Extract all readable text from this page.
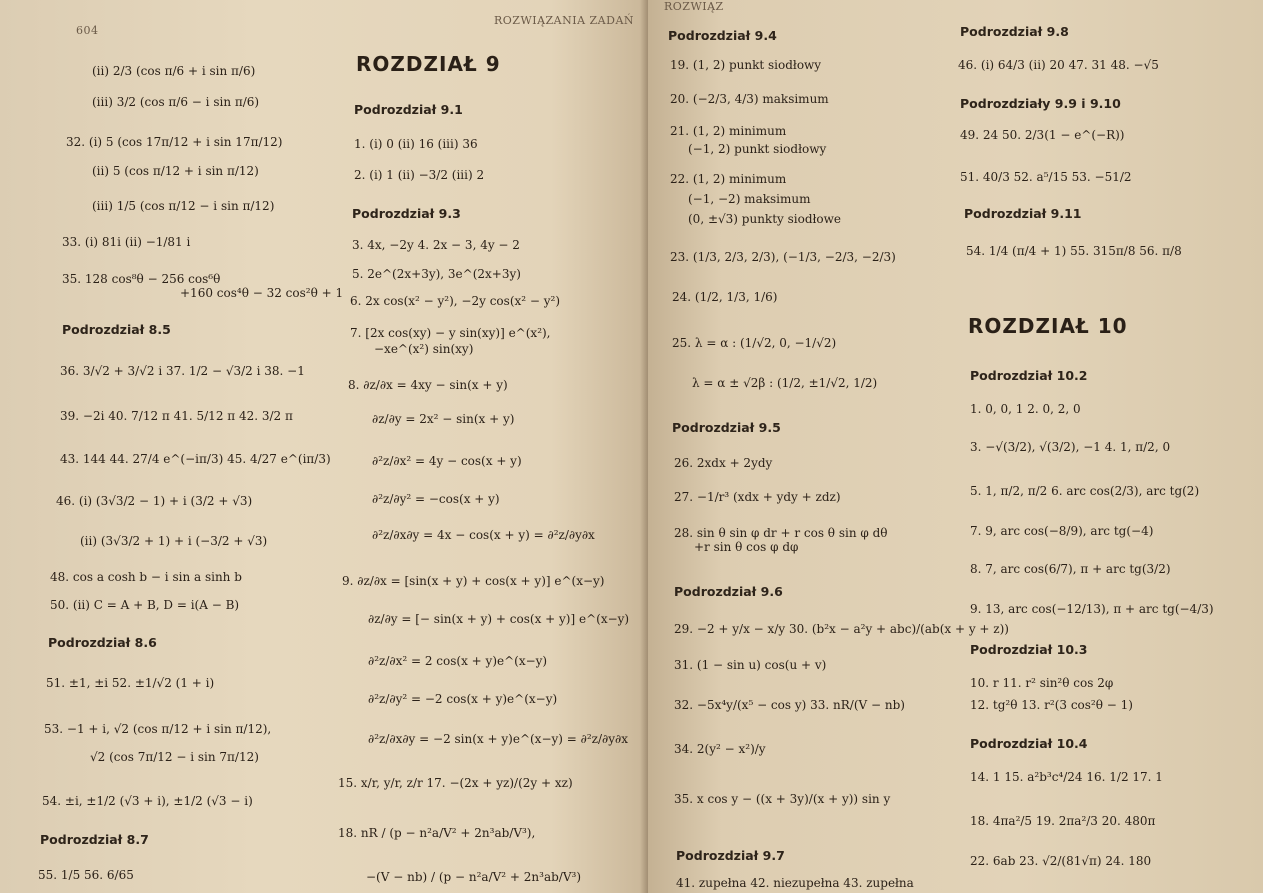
604
ROZWIĄZANIA ZADAŃ
(ii) 2/3 (cos π/6 + i sin π/6)
(iii) 3/2 (cos π/6 − i sin π/6)
32. (i) 5 (cos 17π/12 + i sin 17π/12)
(ii) 5 (cos π/12 + i sin π/12)
(iii) 1/5 (cos π/12 − i sin π/12)
33. (i) 81i (ii) −1/81 i
35. 128 cos⁸θ − 256 cos⁶θ
+160 cos⁴θ − 32 cos²θ + 1
Podrozdział 8.5
36. 3/√2 + 3/√2 i 37. 1/2 − √3/2 i 38. −1
39. −2i 40. 7/12 π 41. 5/12 π 42. 3/2 π
43. 144 44. 27/4 e^(−iπ/3) 45. 4/27 e^(iπ/3)
46. (i) (3√3/2 − 1) + i (3/2 + √3)
(ii) (3√3/2 + 1) + i (−3/2 + √3)
48. cos a cosh b − i sin a sinh b
50. (ii) C = A + B, D = i(A − B)
Podrozdział 8.6
51. ±1, ±i 52. ±1/√2 (1 + i)
53. −1 + i, √2 (cos π/12 + i sin π/12),
√2 (cos 7π/12 − i sin 7π/12)
54. ±i, ±1/2 (√3 + i), ±1/2 (√3 − i)
Podrozdział 8.7
55. 1/5 56. 6/65
ROZDZIAŁ 9
Podrozdział 9.1
1. (i) 0 (ii) 16 (iii) 36
2. (i) 1 (ii) −3/2 (iii) 2
Podrozdział 9.3
3. 4x, −2y 4. 2x − 3, 4y − 2
5. 2e^(2x+3y), 3e^(2x+3y)
6. 2x cos(x² − y²), −2y cos(x² − y²)
7. [2x cos(xy) − y sin(xy)] e^(x²),
−xe^(x²) sin(xy)
8. ∂z/∂x = 4xy − sin(x + y)
∂z/∂y = 2x² − sin(x + y)
∂²z/∂x² = 4y − cos(x + y)
∂²z/∂y² = −cos(x + y)
∂²z/∂x∂y = 4x − cos(x + y) = ∂²z/∂y∂x
9. ∂z/∂x = [sin(x + y) + cos(x + y)] e^(x−y)
∂z/∂y = [− sin(x + y) + cos(x + y)] e^(x−y)
∂²z/∂x² = 2 cos(x + y)e^(x−y)
∂²z/∂y² = −2 cos(x + y)e^(x−y)
∂²z/∂x∂y = −2 sin(x + y)e^(x−y) = ∂²z/∂y∂x
15. x/r, y/r, z/r 17. −(2x + yz)/(2y + xz)
18. nR / (p − n²a/V² + 2n³ab/V³),
−(V − nb) / (p − n²a/V² + 2n³ab/V³)
ROZWIĄZ
Podrozdział 9.4
19. (1, 2) punkt siodłowy
20. (−2/3, 4/3) maksimum
21. (1, 2) minimum
(−1, 2) punkt siodłowy
22. (1, 2) minimum
(−1, −2) maksimum
(0, ±√3) punkty siodłowe
23. (1/3, 2/3, 2/3), (−1/3, −2/3, −2/3)
24. (1/2, 1/3, 1/6)
25. λ = α : (1/√2, 0, −1/√2)
λ = α ± √2β : (1/2, ±1/√2, 1/2)
Podrozdział 9.5
26. 2xdx + 2ydy
27. −1/r³ (xdx + ydy + zdz)
28. sin θ sin φ dr + r cos θ sin φ dθ
+r sin θ cos φ dφ
Podrozdział 9.6
29. −2 + y/x − x/y 30. (b²x − a²y + abc)/(ab(x + y + z))
31. (1 − sin u) cos(u + v)
32. −5x⁴y/(x⁵ − cos y) 33. nR/(V − nb)
34. 2(y² − x²)/y
35. x cos y − ((x + 3y)/(x + y)) sin y
Podrozdział 9.7
41. zupełna 42. niezupełna 43. zupełna
Podrozdział 9.8
46. (i) 64/3 (ii) 20 47. 31 48. −√5
Podrozdziały 9.9 i 9.10
49. 24 50. 2/3(1 − e^(−R))
51. 40/3 52. a⁵/15 53. −51/2
Podrozdział 9.11
54. 1/4 (π/4 + 1) 55. 315π/8 56. π/8
ROZDZIAŁ 10
Podrozdział 10.2
1. 0, 0, 1 2. 0, 2, 0
3. −√(3/2), √(3/2), −1 4. 1, π/2, 0
5. 1, π/2, π/2 6. arc cos(2/3), arc tg(2)
7. 9, arc cos(−8/9), arc tg(−4)
8. 7, arc cos(6/7), π + arc tg(3/2)
9. 13, arc cos(−12/13), π + arc tg(−4/3)
Podrozdział 10.3
10. r 11. r² sin²θ cos 2φ
12. tg²θ 13. r²(3 cos²θ − 1)
Podrozdział 10.4
14. 1 15. a²b³c⁴/24 16. 1/2 17. 1
18. 4πa²/5 19. 2πa²/3 20. 480π
22. 6ab 23. √2/(81√π) 24. 180
